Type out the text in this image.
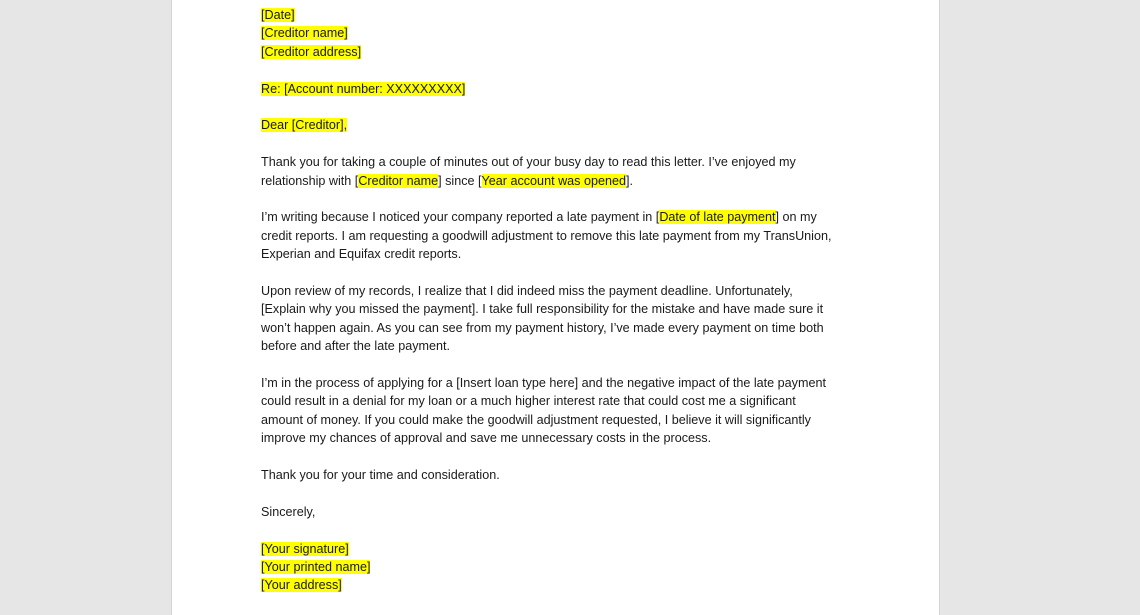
[Date]
[Creditor name]
[Creditor address]
Re: [Account number: XXXXXXXXX]
Dear [Creditor],
Thank you for taking a couple of minutes out of your busy day to read this letter. I’ve enjoyed my
relationship with [Creditor name] since [Year account was opened].
I’m writing because I noticed your company reported a late payment in [Date of late payment] on my
credit reports. I am requesting a goodwill adjustment to remove this late payment from my TransUnion,
Experian and Equifax credit reports.
Upon review of my records, I realize that I did indeed miss the payment deadline. Unfortunately,
[Explain why you missed the payment]. I take full responsibility for the mistake and have made sure it
won’t happen again. As you can see from my payment history, I’ve made every payment on time both
before and after the late payment.
I’m in the process of applying for a [Insert loan type here] and the negative impact of the late payment
could result in a denial for my loan or a much higher interest rate that could cost me a significant
amount of money. If you could make the goodwill adjustment requested, I believe it will significantly
improve my chances of approval and save me unnecessary costs in the process.
Thank you for your time and consideration.
Sincerely,
[Your signature]
[Your printed name]
[Your address]
